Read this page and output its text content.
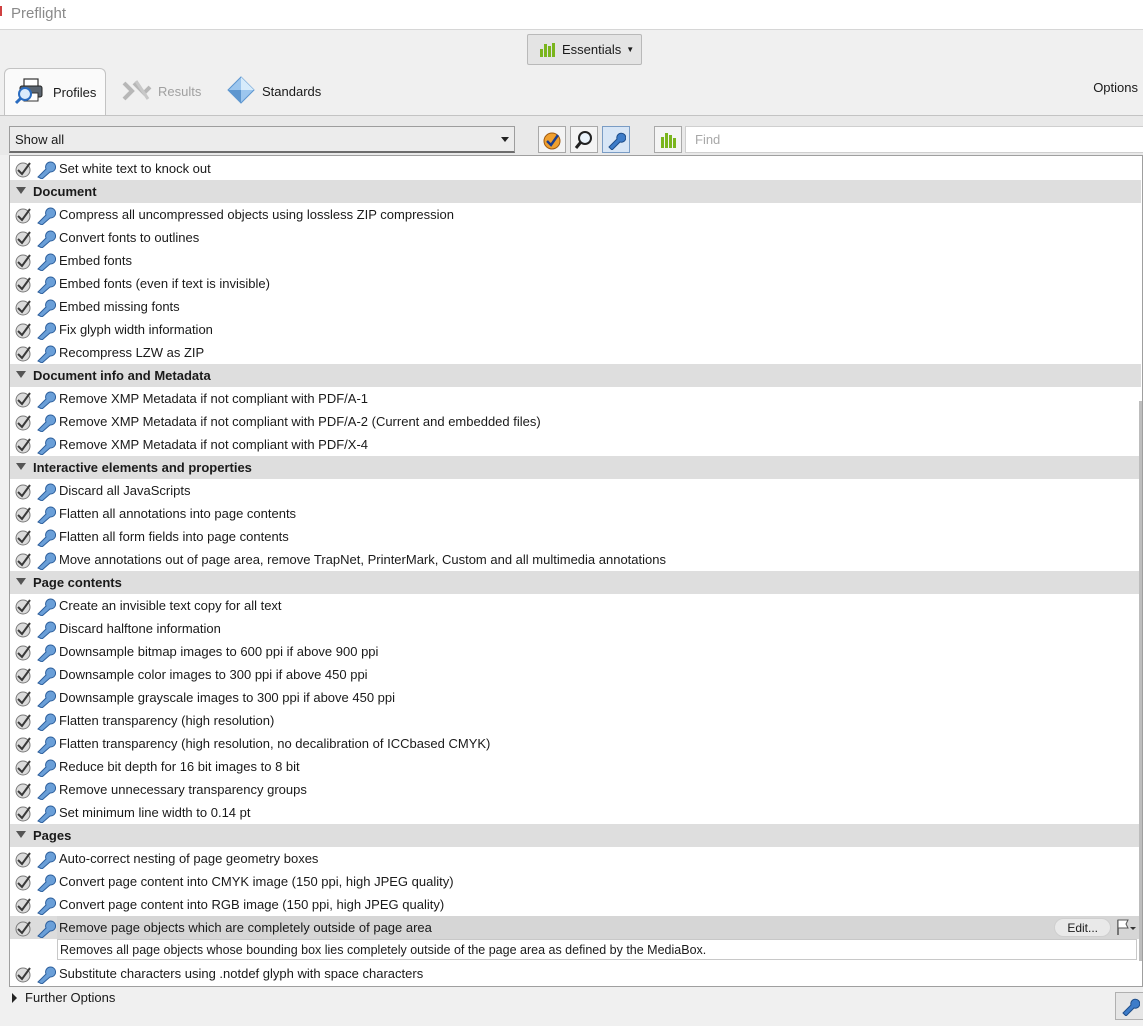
Preflight
Essentials ▼
Profiles	Results	Standards	Options
Show all	Find
Set white text to knock out
Document
Compress all uncompressed objects using lossless ZIP compression
Convert fonts to outlines
Embed fonts
Embed fonts (even if text is invisible)
Embed missing fonts
Fix glyph width information
Recompress LZW as ZIP
Document info and Metadata
Remove XMP Metadata if not compliant with PDF/A-1
Remove XMP Metadata if not compliant with PDF/A-2 (Current and embedded files)
Remove XMP Metadata if not compliant with PDF/X-4
Interactive elements and properties
Discard all JavaScripts
Flatten all annotations into page contents
Flatten all form fields into page contents
Move annotations out of page area, remove TrapNet, PrinterMark, Custom and all multimedia annotations
Page contents
Create an invisible text copy for all text
Discard halftone information
Downsample bitmap images to 600 ppi if above 900 ppi
Downsample color images to 300 ppi if above 450 ppi
Downsample grayscale images to 300 ppi if above 450 ppi
Flatten transparency (high resolution)
Flatten transparency (high resolution, no decalibration of ICCbased CMYK)
Reduce bit depth for 16 bit images to 8 bit
Remove unnecessary transparency groups
Set minimum line width to 0.14 pt
Pages
Auto-correct nesting of page geometry boxes
Convert page content into CMYK image (150 ppi, high JPEG quality)
Convert page content into RGB image (150 ppi, high JPEG quality)
Remove page objects which are completely outside of page area	Edit...
Removes all page objects whose bounding box lies completely outside of the page area as defined by the MediaBox.
Substitute characters using .notdef glyph with space characters
Further Options
